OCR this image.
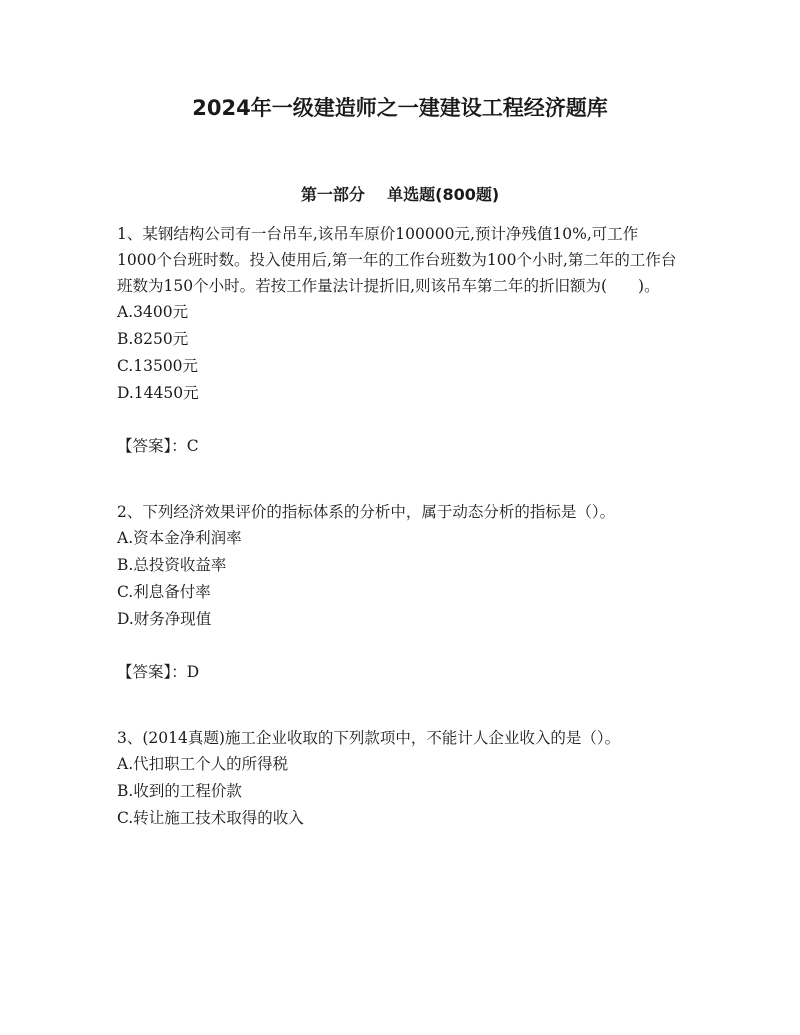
2024年一级建造师之一建建设工程经济题库
第一部分    单选题(800题)

1、某钢结构公司有一台吊车,该吊车原价100000元,预计净残值10%,可工作1000个台班时数。投入使用后,第一年的工作台班数为100个小时,第二年的工作台班数为150个小时。若按工作量法计提折旧,则该吊车第二年的折旧额为(　　)。

A.3400元

B.8250元

C.13500元

D.14450元

【答案】：C

2、下列经济效果评价的指标体系的分析中，属于动态分析的指标是（）。

A.资本金净利润率

B.总投资收益率

C.利息备付率

D.财务净现值

【答案】：D

3、(2014真题)施工企业收取的下列款项中，不能计人企业收入的是（）。

A.代扣职工个人的所得税

B.收到的工程价款

C.转让施工技术取得的收入
